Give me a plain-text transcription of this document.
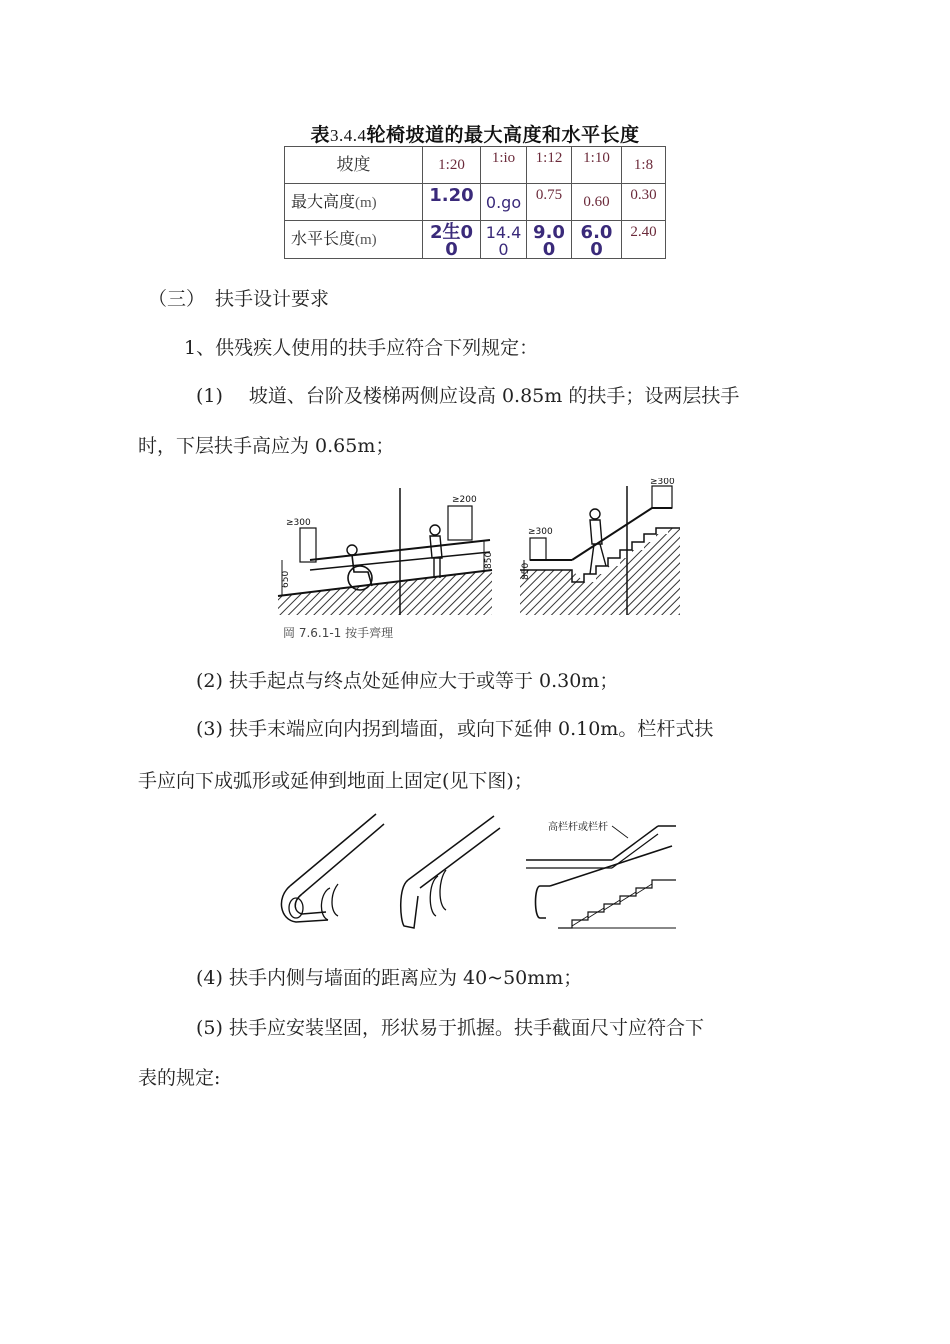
表3.4.4轮椅坡道的最大高度和水平长度
坡度	1:20	1:io	1:12	1:10	1:8
最大高度(m)	1.20	0.go	0.75	0.60	0.30
水平长度(m)	2生00	14.40	9.00	6.00	2.40
（三） 扶手设计要求
1、供残疾人使用的扶手应符合下列规定：
(1) 坡道、台阶及楼梯两侧应设高 0.85m 的扶手；设两层扶手
时，下层扶手高应为 0.65m；
≥300
≥200
650
850
≥300
≥300
850
岡 7.6.1-1 按手齊理
(2) 扶手起点与终点处延伸应大于或等于 0.30m；
(3) 扶手末端应向内拐到墙面，或向下延伸 0.10m。栏杆式扶
手应向下成弧形或延伸到地面上固定(见下图)；
高栏杆或栏杆
(4) 扶手内侧与墙面的距离应为 40~50mm；
(5) 扶手应安装坚固，形状易于抓握。扶手截面尺寸应符合下
表的规定:
